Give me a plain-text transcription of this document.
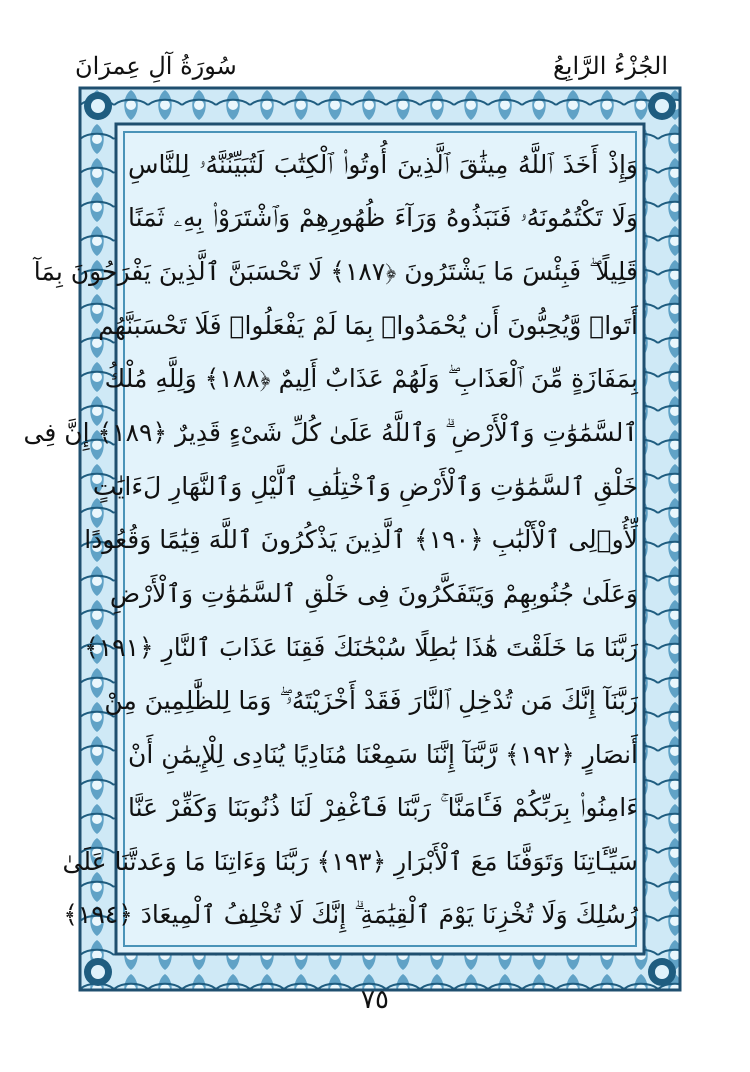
الجُزْءُ الرَّابِعُ
سُورَةُ آلِ عِمرَانَ
وَإِذْ أَخَذَ ٱللَّهُ مِيثَٰقَ ٱلَّذِينَ أُوتُوا۟ ٱلْكِتَٰبَ لَتُبَيِّنُنَّهُۥ لِلنَّاسِ
وَلَا تَكْتُمُونَهُۥ فَنَبَذُوهُ وَرَآءَ ظُهُورِهِمْ وَٱشْتَرَوْا۟ بِهِۦ ثَمَنًا
قَلِيلًا ۖ فَبِئْسَ مَا يَشْتَرُونَ ﴿١٨٧﴾ لَا تَحْسَبَنَّ ٱلَّذِينَ يَفْرَحُونَ بِمَآ
أَتَوا۟ وَّيُحِبُّونَ أَن يُحْمَدُوا۟ بِمَا لَمْ يَفْعَلُوا۟ فَلَا تَحْسَبَنَّهُم
بِمَفَازَةٍ مِّنَ ٱلْعَذَابِ ۖ وَلَهُمْ عَذَابٌ أَلِيمٌ ﴿١٨٨﴾ وَلِلَّهِ مُلْكُ
ٱلسَّمَٰوَٰتِ وَٱلْأَرْضِ ۗ وَٱللَّهُ عَلَىٰ كُلِّ شَىْءٍ قَدِيرٌ ﴿١٨٩﴾ إِنَّ فِى
خَلْقِ ٱلسَّمَٰوَٰتِ وَٱلْأَرْضِ وَٱخْتِلَٰفِ ٱلَّيْلِ وَٱلنَّهَارِ لَءَايَٰتٍ
لِّأُو۟لِى ٱلْأَلْبَٰبِ ﴿١٩٠﴾ ٱلَّذِينَ يَذْكُرُونَ ٱللَّهَ قِيَٰمًا وَقُعُودًا
وَعَلَىٰ جُنُوبِهِمْ وَيَتَفَكَّرُونَ فِى خَلْقِ ٱلسَّمَٰوَٰتِ وَٱلْأَرْضِ
رَبَّنَا مَا خَلَقْتَ هَٰذَا بَٰطِلًا سُبْحَٰنَكَ فَقِنَا عَذَابَ ٱلنَّارِ ﴿١٩١﴾
رَبَّنَآ إِنَّكَ مَن تُدْخِلِ ٱلنَّارَ فَقَدْ أَخْزَيْتَهُۥ ۖ وَمَا لِلظَّٰلِمِينَ مِنْ
أَنصَارٍ ﴿١٩٢﴾ رَّبَّنَآ إِنَّنَا سَمِعْنَا مُنَادِيًا يُنَادِى لِلْإِيمَٰنِ أَنْ
ءَامِنُوا۟ بِرَبِّكُمْ فَـَٔامَنَّا ۚ رَبَّنَا فَٱغْفِرْ لَنَا ذُنُوبَنَا وَكَفِّرْ عَنَّا
سَيِّـَٔاتِنَا وَتَوَفَّنَا مَعَ ٱلْأَبْرَارِ ﴿١٩٣﴾ رَبَّنَا وَءَاتِنَا مَا وَعَدتَّنَا عَلَىٰ
رُسُلِكَ وَلَا تُخْزِنَا يَوْمَ ٱلْقِيَٰمَةِ ۗ إِنَّكَ لَا تُخْلِفُ ٱلْمِيعَادَ ﴿١٩٤﴾
٧٥
